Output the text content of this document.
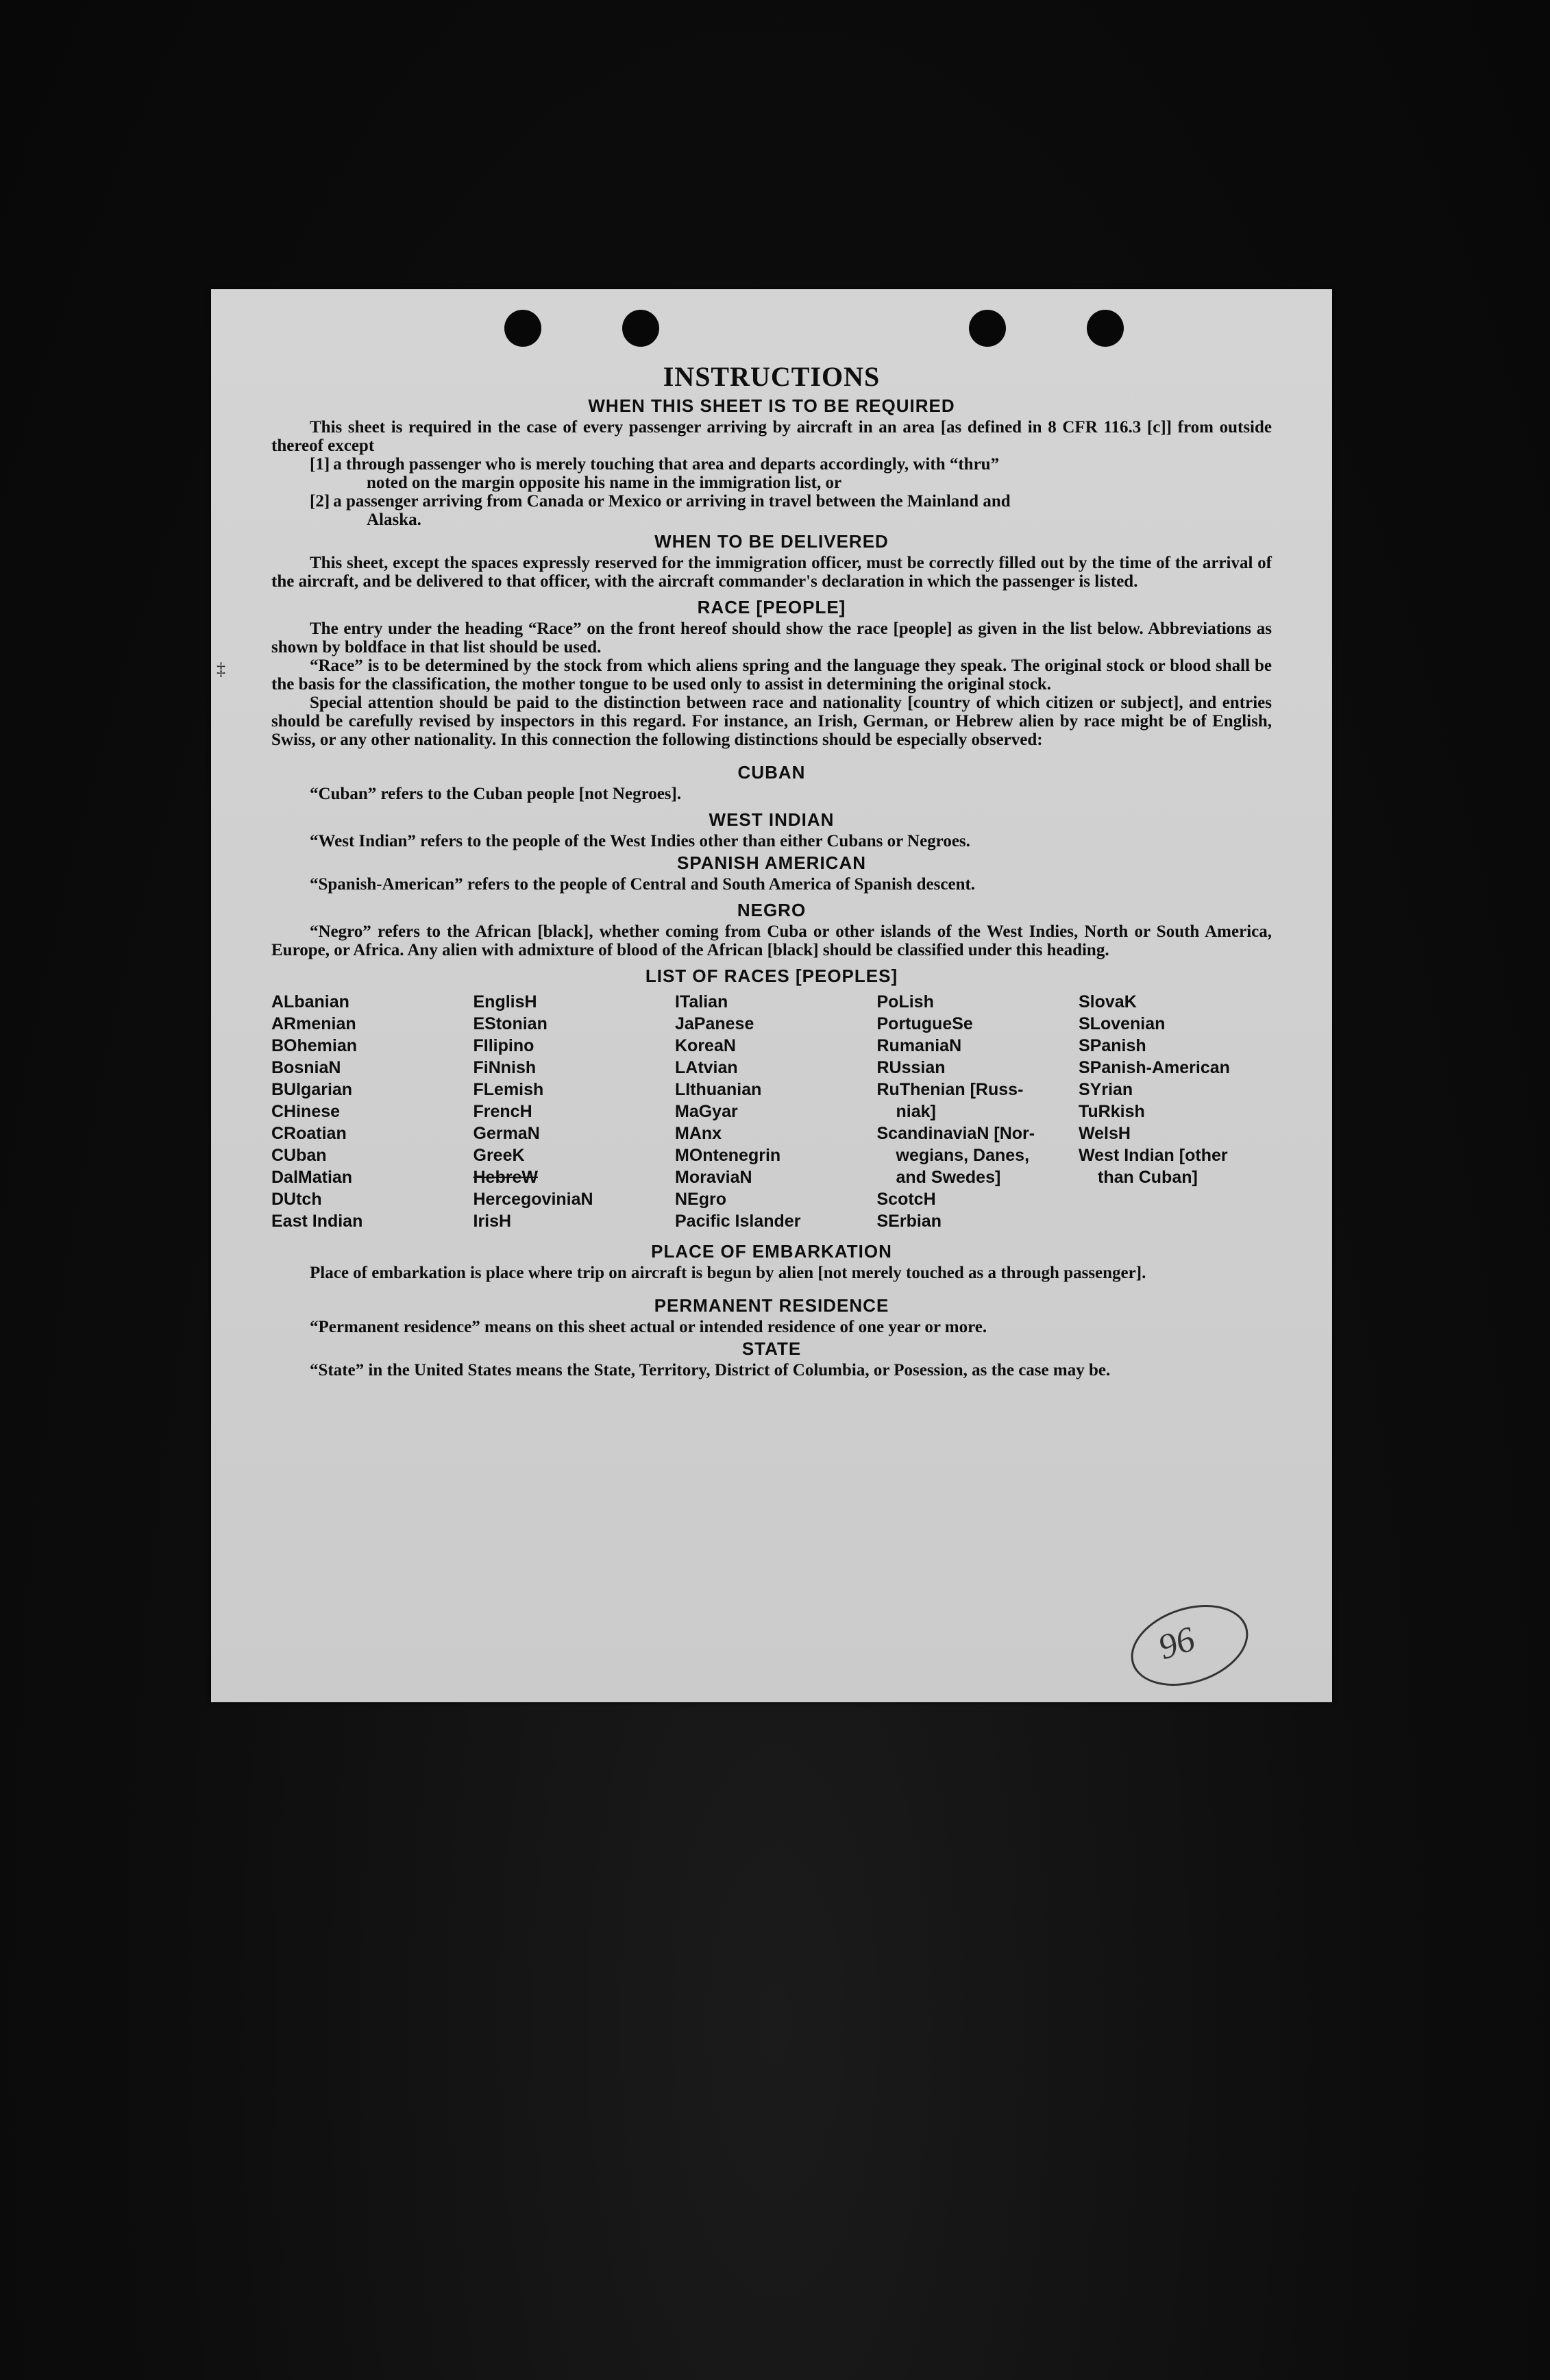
‡
INSTRUCTIONS
WHEN THIS SHEET IS TO BE REQUIRED

This sheet is required in the case of every passenger arriving by aircraft in an area [as defined in 8 CFR 116.3 [c]] from outside thereof except

[1] a through passenger who is merely touching that area and departs accordingly, with “thru”
noted on the margin opposite his name in the immigration list, or

[2] a passenger arriving from Canada or Mexico or arriving in travel between the Mainland and
Alaska.

WHEN TO BE DELIVERED

This sheet, except the spaces expressly reserved for the immigration officer, must be correctly filled out by the time of the arrival of the aircraft, and be delivered to that officer, with the aircraft commander's declaration in which the passenger is listed.

RACE [PEOPLE]

The entry under the heading “Race” on the front hereof should show the race [people] as given in the list below. Abbreviations as shown by boldface in that list should be used.

“Race” is to be determined by the stock from which aliens spring and the language they speak. The original stock or blood shall be the basis for the classification, the mother tongue to be used only to assist in determining the original stock.

Special attention should be paid to the distinction between race and nationality [country of which citizen or subject], and entries should be carefully revised by inspectors in this regard. For instance, an Irish, German, or Hebrew alien by race might be of English, Swiss, or any other nationality. In this connection the following distinctions should be especially observed:

CUBAN

“Cuban” refers to the Cuban people [not Negroes].

WEST INDIAN

“West Indian” refers to the people of the West Indies other than either Cubans or Negroes.

SPANISH AMERICAN

“Spanish-American” refers to the people of Central and South America of Spanish descent.

NEGRO

“Negro” refers to the African [black], whether coming from Cuba or other islands of the West Indies, North or South America, Europe, or Africa. Any alien with admixture of blood of the African [black] should be classified under this heading.

LIST OF RACES [PEOPLES]
ALbanian
ARmenian
BOhemian
BosniaN
BUlgarian
CHinese
CRoatian
CUban
DalMatian
DUtch
East Indian
EnglisH
EStonian
FIlipino
FiNnish
FLemish
FrencH
GermaN
GreeK
HebreW
HercegoviniaN
IrisH
ITalian
JaPanese
KoreaN
LAtvian
LIthuanian
MaGyar
MAnx
MOntenegrin
MoraviaN
NEgro
Pacific Islander
PoLish
PortugueSe
RumaniaN
RUssian
RuThenian [Russ-
niak]
ScandinaviaN [Nor-
wegians, Danes,
and Swedes]
ScotcH
SErbian
SlovaK
SLovenian
SPanish
SPanish-American
SYrian
TuRkish
WelsH
West Indian [other
than Cuban]
PLACE OF EMBARKATION

Place of embarkation is place where trip on aircraft is begun by alien [not merely touched as a through passenger].

PERMANENT RESIDENCE

“Permanent residence” means on this sheet actual or intended residence of one year or more.

STATE

“State” in the United States means the State, Territory, District of Columbia, or Posession, as the case may be.

96
